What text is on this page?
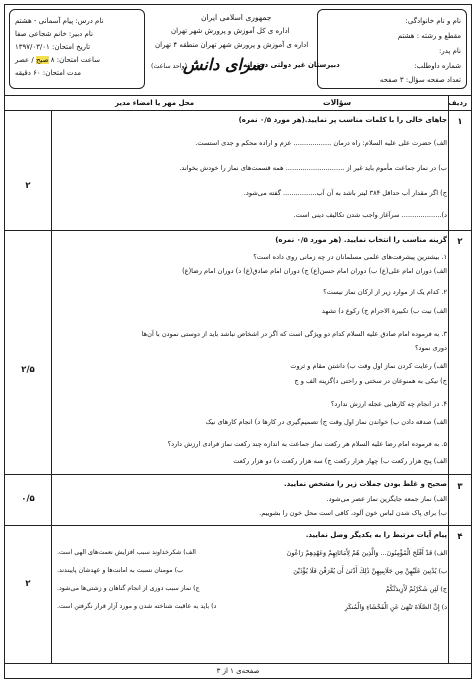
نام و نام خانوادگی:
مقطع و رشته : هشتم
نام پدر:
شماره داوطلب:
تعداد صفحه سؤال: ۳ صفحه
جمهوری اسلامی ایران
اداره ی کل آموزش و پرورش شهر تهران
اداره ی آموزش و پرورش شهر تهران منطقه ۴ تهران
دبیرستان غیر دولتی دخترانه
سرای دانش
(واحد ساعت)
نام درس: پیام آسمانی - هشتم
نام دبیر: خانم شجاعی صفا
تاریخ امتحان: ۱۳۹۷/۰۳/۰۱
ساعت امتحان: ۸ صبح / عصر
مدت امتحان: ۶۰ دقیقه
ردیف
سؤالات
محل مهر یا امضاء مدیر
۱
۲
جاهای خالی را با کلمات مناسب پر نمایید.(هر مورد ۰/۵ نمره)
الف) حضرت علی علیه السلام: راه درمان .................. عزم و اراده محکم و جدی استست.
ب) در نماز جماعت مأموم باید غیر از ............................ همه قسمت‌های نماز را خودش بخواند.
ج) اگر مقدار آب حداقل ۳۸۴ لیتر باشد به آن آب................ گفته می‌شود.
د)................... سرآغاز واجب شدن تکالیف دینی است.
۲
۲/۵
گزینه مناسب را انتخاب نمایید. (هر مورد ۰/۵ نمره)
۱. بیشترین پیشرفت‌های علمی مسلمانان در چه زمانی روی داده است؟
الف) دوران امام علی(ع) ب) دوران امام حسن(ع) ج) دوران امام صادق(ع) د) دوران امام رضا(ع)
۲. کدام یک از موارد زیر از ارکان نماز نیست؟
الف) نیت ب) تکبیرة الاحرام ج) رکوع د) تشهد
۳. به فرموده امام صادق علیه السلام کدام دو ویژگی است که اگر در اشخاص نباشد باید از دوستی نمودن با آن‌ها
دوری نمود؟
الف) رعایت کردن نماز اول وقت ب) داشتن مقام و ثروت
ج) نیکی به همنوعان در سختی و راحتی د)گزینه الف و ج
۴. در انجام چه کارهایی عجله ارزش ندارد؟
الف) صدقه دادن ب) خواندن نماز اول وقت ج) تصمیم‌گیری در کارها د) انجام کارهای نیک
۵. به فرموده امام رضا علیه السلام هر رکعت نماز جماعت به اندازه چند رکعت نماز فرادی ارزش دارد؟
الف) پنج هزار رکعت ب) چهار هزار رکعت ج) سه هزار رکعت د) دو هزار رکعت
۳
۰/۵
صحیح و غلط بودن جملات زیر را مشخص نمایید.
الف) نماز جمعه جایگزین نماز عصر می‌شود.
ب) برای پاک شدن لباس خون آلود، کافی است محل خون را بشوییم.
۴
۲
پیام آیات مرتبط را به یکدیگر وصل نمایید.
الف) قَدْ أَفْلَحَ الْمُؤْمِنُونَ... وَالَّذِينَ هُمْ لِأَمَانَاتِهِمْ وَعَهْدِهِمْ رَاعُونَ
ب) يُدْنِينَ عَلَيْهِنَّ مِن جَلَابِيبِهِنَّ ذَٰلِكَ أَدْنَىٰ أَن يُعْرَفْنَ فَلَا يُؤْذَيْنَ
ج) لَئِن شَكَرْتُمْ لَأَزِيدَنَّكُمْ
د) إِنَّ الصَّلَاةَ تَنْهَىٰ عَنِ الْفَحْشَاءِ وَالْمُنكَرِ
الف) شکرخداوند سبب افزایش نعمت‌های الهی است.
ب) مومنان نسبت به امانت‌ها و عهدشان پایبندند.
ج) نماز سبب دوری از انجام گناهان و زشتی‌ها می‌شود.
د) باید به عاقبت شناخته شدن و مورد آزار قرار نگرفتن است.
صفحه‌ی ۱ از ۳
